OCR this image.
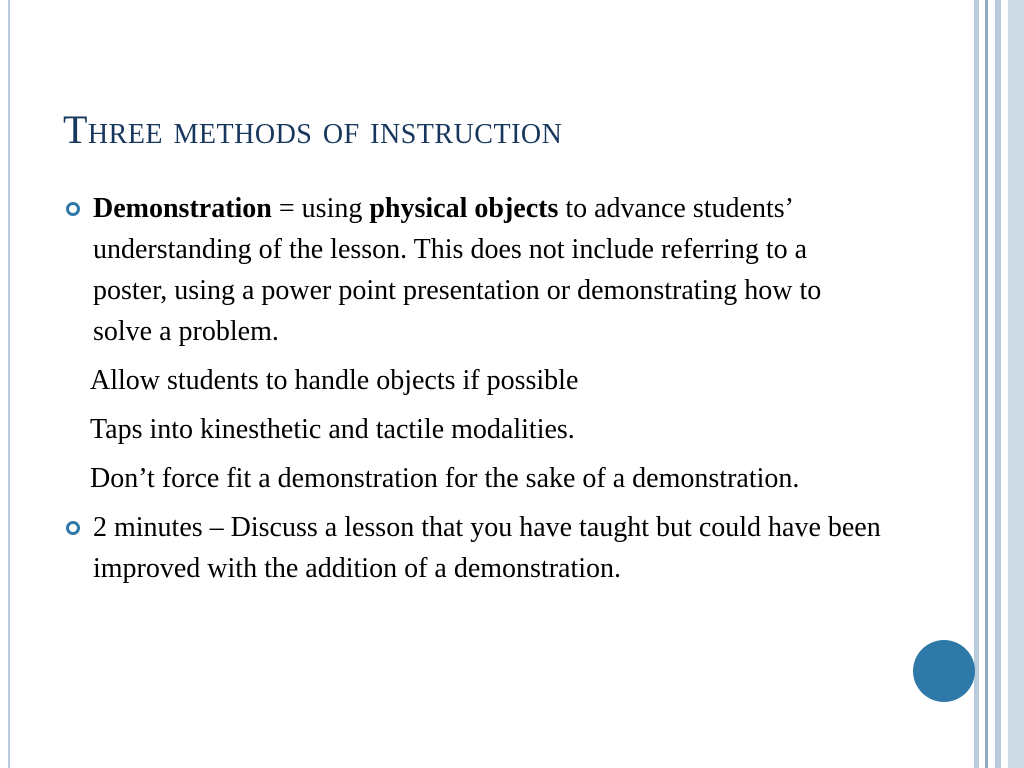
Three methods of instruction
Demonstration = using physical objects to advance students’ understanding of the lesson. This does not include referring to a poster, using a power point presentation or demonstrating how to solve a problem.
Allow students to handle objects if possible
Taps into kinesthetic and tactile modalities.
Don’t force fit a demonstration for the sake of a demonstration.
2 minutes – Discuss a lesson that you have taught but could have been improved with the addition of a demonstration.
